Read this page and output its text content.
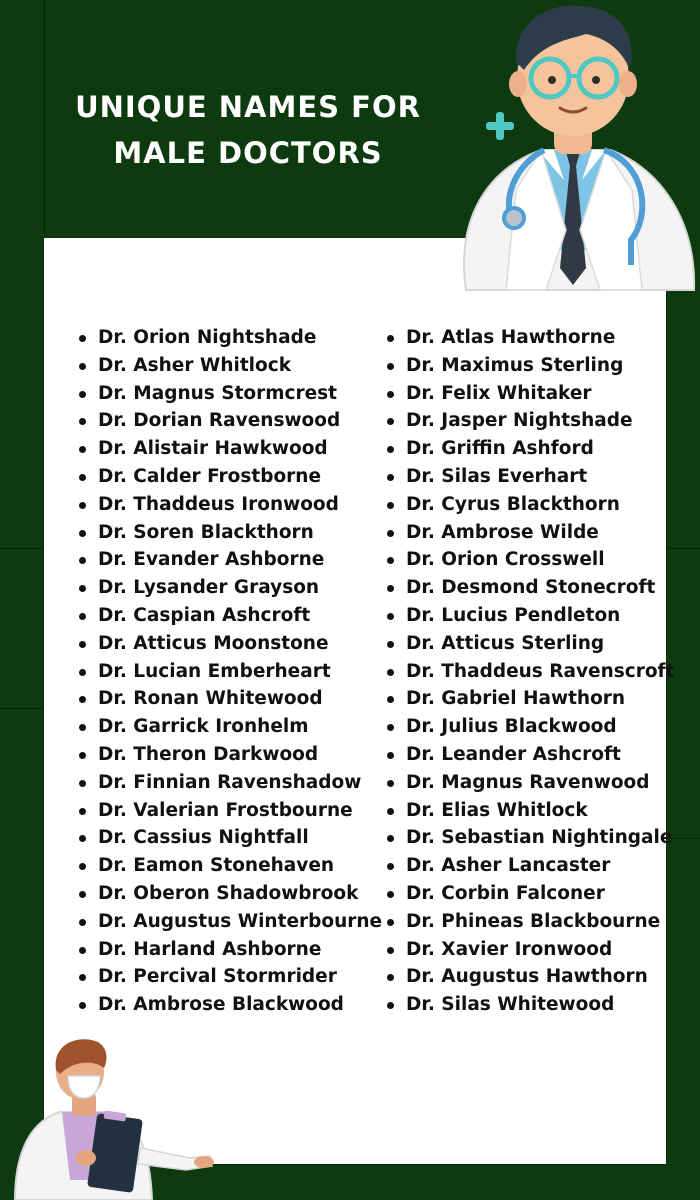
UNIQUE NAMES FOR
MALE DOCTORS
Dr. Orion Nightshade
Dr. Asher Whitlock
Dr. Magnus Stormcrest
Dr. Dorian Ravenswood
Dr. Alistair Hawkwood
Dr. Calder Frostborne
Dr. Thaddeus Ironwood
Dr. Soren Blackthorn
Dr. Evander Ashborne
Dr. Lysander Grayson
Dr. Caspian Ashcroft
Dr. Atticus Moonstone
Dr. Lucian Emberheart
Dr. Ronan Whitewood
Dr. Garrick Ironhelm
Dr. Theron Darkwood
Dr. Finnian Ravenshadow
Dr. Valerian Frostbourne
Dr. Cassius Nightfall
Dr. Eamon Stonehaven
Dr. Oberon Shadowbrook
Dr. Augustus Winterbourne
Dr. Harland Ashborne
Dr. Percival Stormrider
Dr. Ambrose Blackwood
Dr. Atlas Hawthorne
Dr. Maximus Sterling
Dr. Felix Whitaker
Dr. Jasper Nightshade
Dr. Griffin Ashford
Dr. Silas Everhart
Dr. Cyrus Blackthorn
Dr. Ambrose Wilde
Dr. Orion Crosswell
Dr. Desmond Stonecroft
Dr. Lucius Pendleton
Dr. Atticus Sterling
Dr. Thaddeus Ravenscroft
Dr. Gabriel Hawthorn
Dr. Julius Blackwood
Dr. Leander Ashcroft
Dr. Magnus Ravenwood
Dr. Elias Whitlock
Dr. Sebastian Nightingale
Dr. Asher Lancaster
Dr. Corbin Falconer
Dr. Phineas Blackbourne
Dr. Xavier Ironwood
Dr. Augustus Hawthorn
Dr. Silas Whitewood
